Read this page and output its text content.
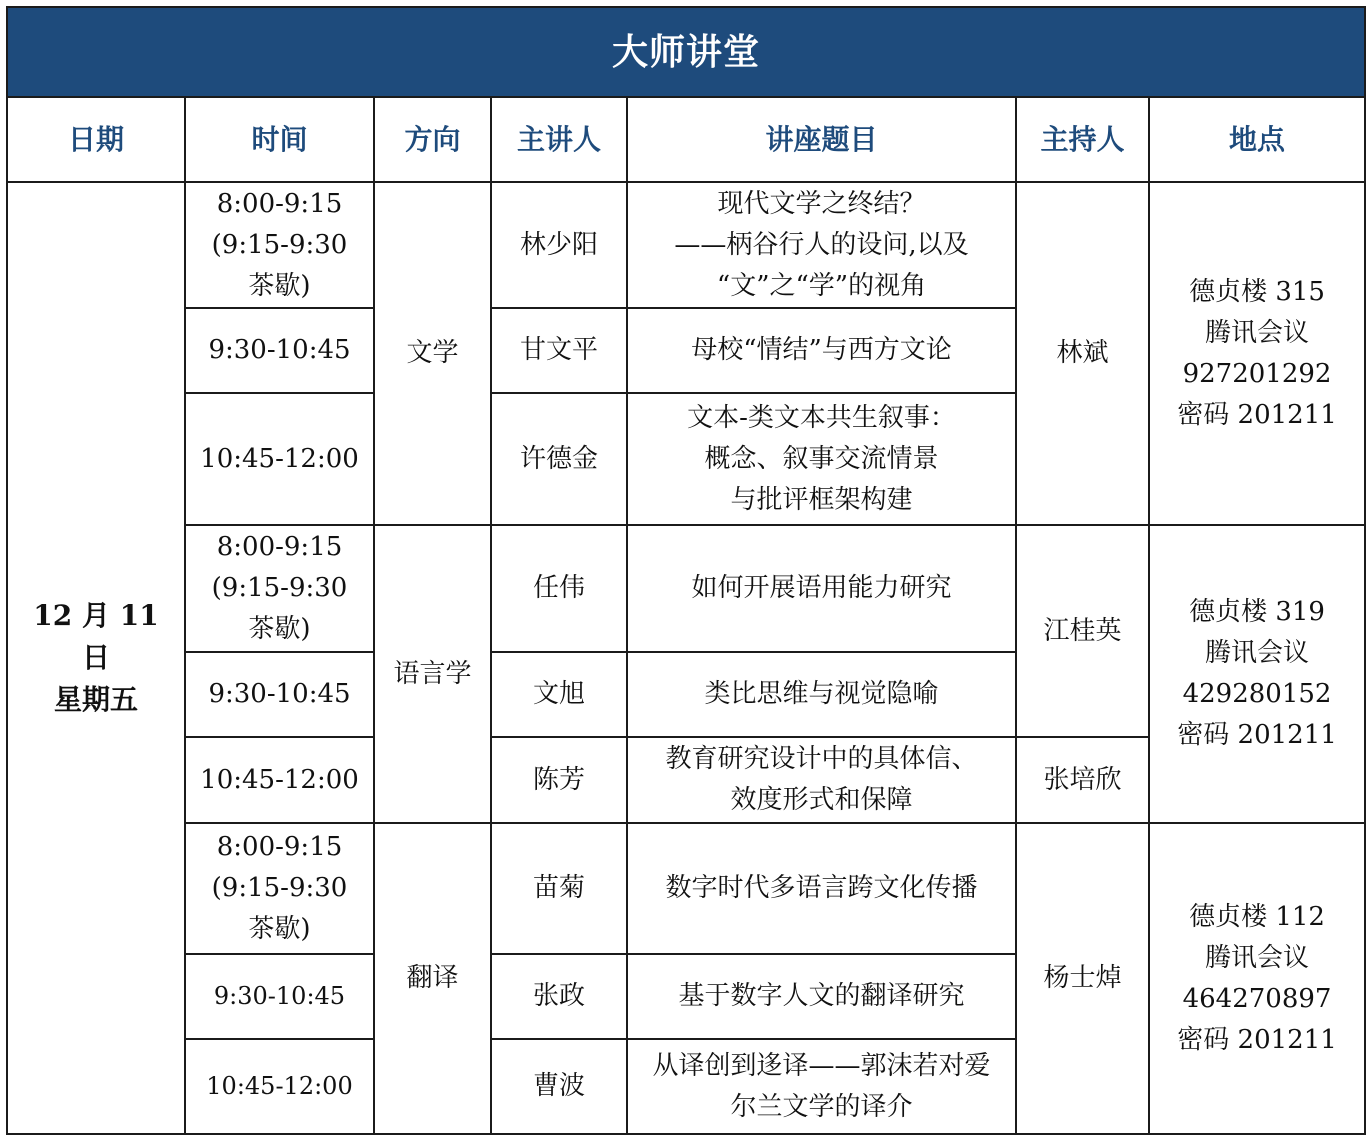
大师讲堂						
日期	时间	方向	主讲人	讲座题目	主持人	地点

12 月 11
日
星期五	8:00-9:15
(9:15-9:30
茶歇)	文学	林少阳	现代文学之终结？
——柄谷行人的设问,以及
“文”之“学”的视角	林斌	德贞楼 315
腾讯会议
927201292
密码 201211

	9:30-10:45		甘文平	母校“情结”与西方文论		
	10:45-12:00		许德金	文本-类文本共生叙事：
概念、叙事交流情景
与批评框架构建		

	8:00-9:15
(9:15-9:30
茶歇)	语言学	任伟	如何开展语用能力研究	江桂英	德贞楼 319
腾讯会议
429280152
密码 201211

	9:30-10:45		文旭	类比思维与视觉隐喻		
	10:45-12:00		陈芳	教育研究设计中的具体信、
效度形式和保障	张培欣	

	8:00-9:15
(9:15-9:30
茶歇)	翻译	苗菊	数字时代多语言跨文化传播	杨士焯	德贞楼 112
腾讯会议
464270897
密码 201211

	9:30-10:45		张政	基于数字人文的翻译研究		
	10:45-12:00		曹波	从译创到迻译——郭沫若对爱
尔兰文学的译介		
